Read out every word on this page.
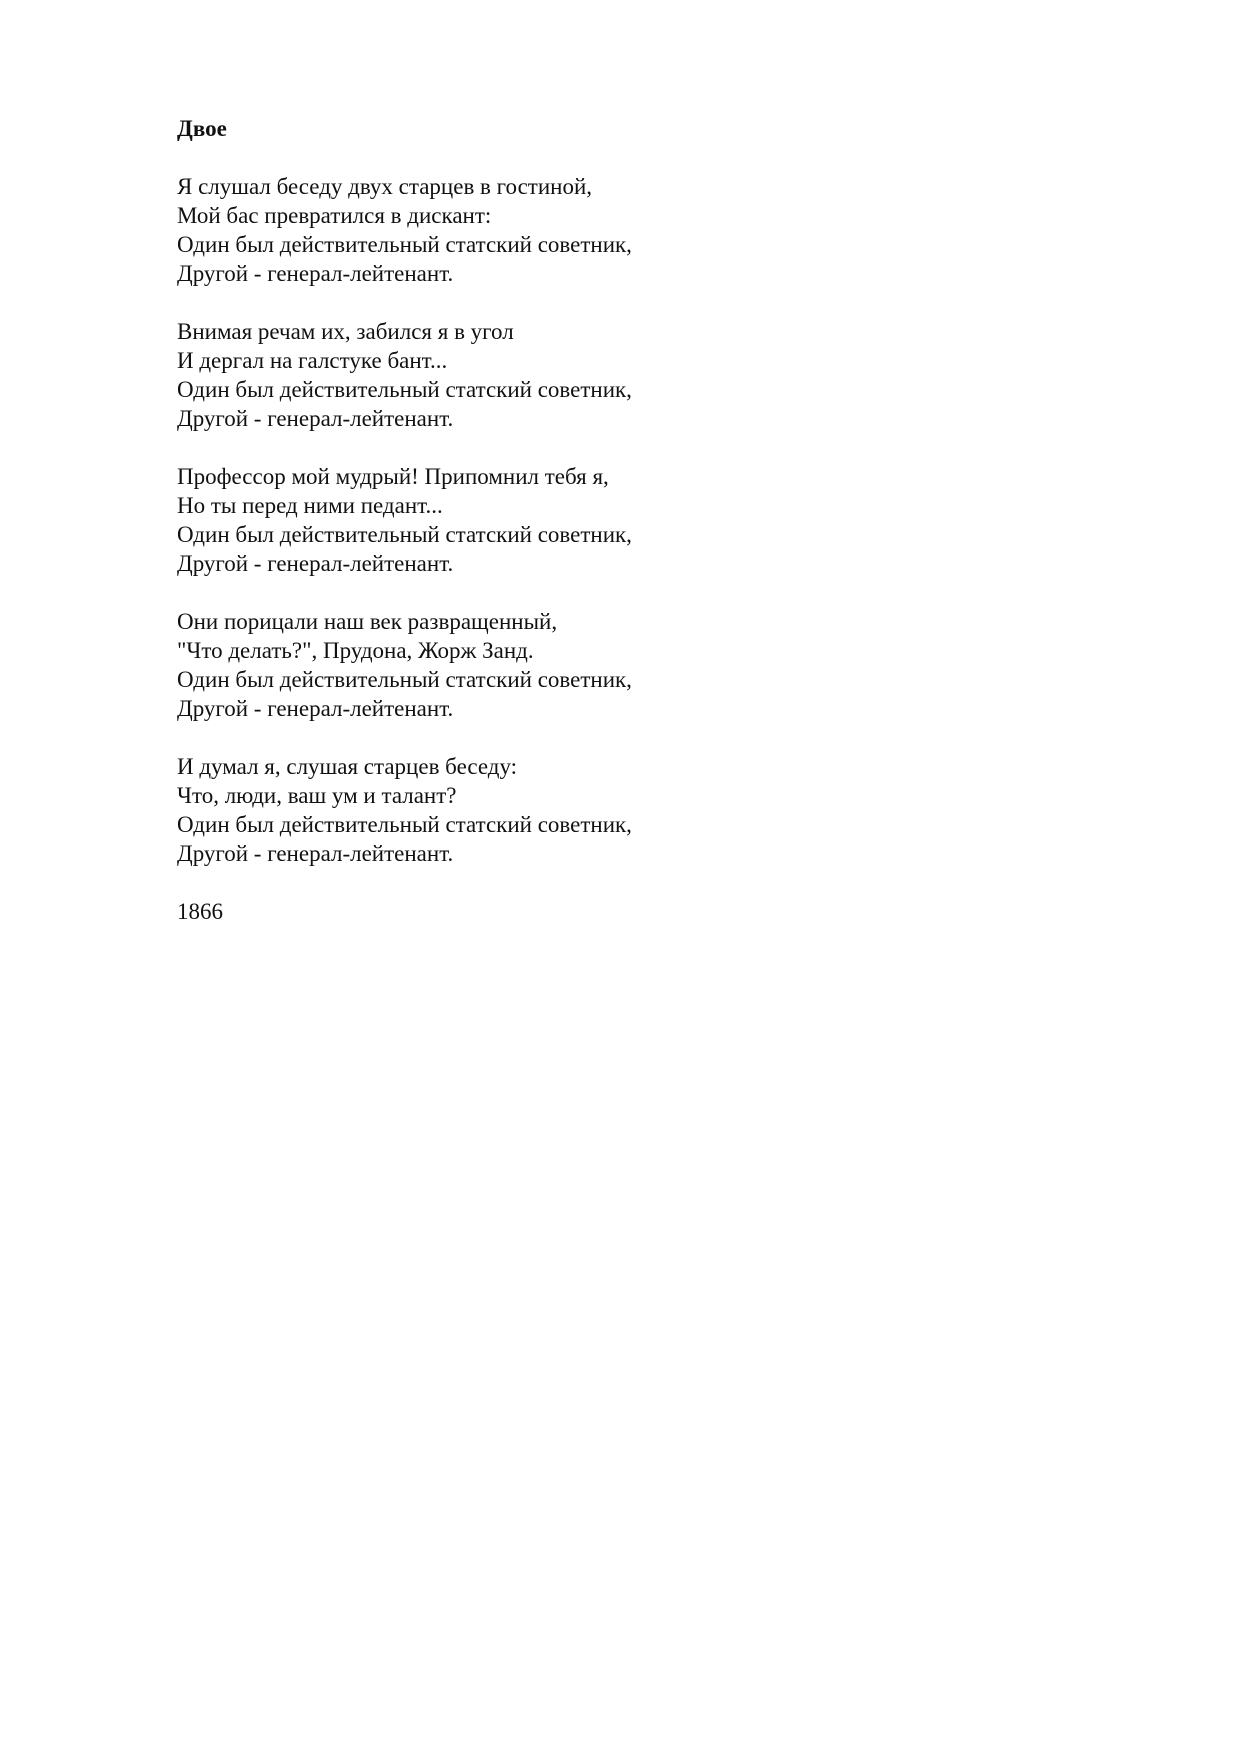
Двое
Я слушал беседу двух старцев в гостиной,
Мой бас превратился в дискант:
Один был действительный статский советник,
Другой - генерал-лейтенант.
Внимая речам их, забился я в угол
И дергал на галстуке бант...
Один был действительный статский советник,
Другой - генерал-лейтенант.
Профессор мой мудрый! Припомнил тебя я,
Но ты перед ними педант...
Один был действительный статский советник,
Другой - генерал-лейтенант.
Они порицали наш век развращенный,
"Что делать?", Прудона, Жорж Занд.
Один был действительный статский советник,
Другой - генерал-лейтенант.
И думал я, слушая старцев беседу:
Что, люди, ваш ум и талант?
Один был действительный статский советник,
Другой - генерал-лейтенант.
1866
